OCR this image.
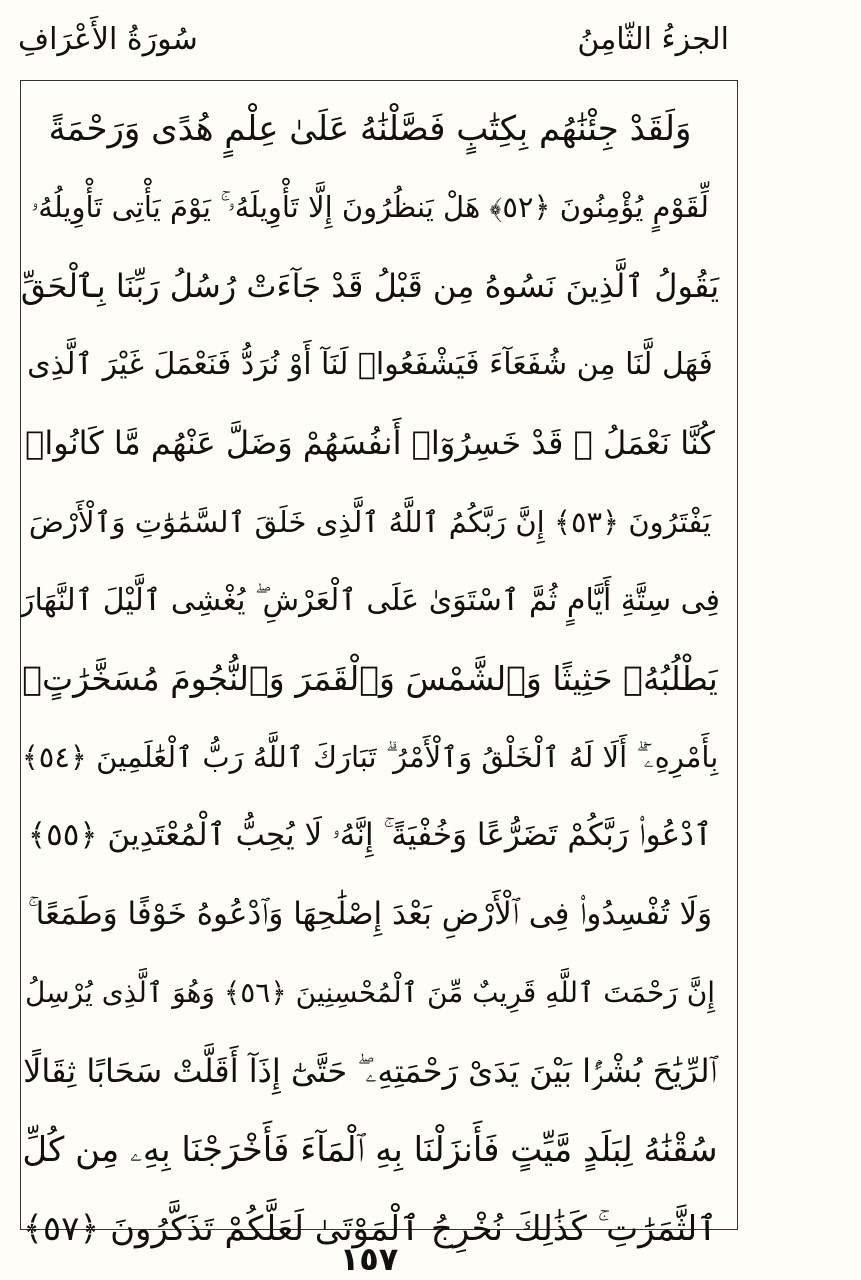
الجزءُ الثّامِنُ
سُورَةُ الأَعْرَافِ
وَلَقَدْ جِئْنَٰهُم بِكِتَٰبٍ فَصَّلْنَٰهُ عَلَىٰ عِلْمٍ هُدًى وَرَحْمَةً
لِّقَوْمٍ يُؤْمِنُونَ ﴿٥٢﴾ هَلْ يَنظُرُونَ إِلَّا تَأْوِيلَهُۥ ۚ يَوْمَ يَأْتِى تَأْوِيلُهُۥ
يَقُولُ ٱلَّذِينَ نَسُوهُ مِن قَبْلُ قَدْ جَآءَتْ رُسُلُ رَبِّنَا بِٱلْحَقِّ
فَهَل لَّنَا مِن شُفَعَآءَ فَيَشْفَعُوا۟ لَنَآ أَوْ نُرَدُّ فَنَعْمَلَ غَيْرَ ٱلَّذِى
كُنَّا نَعْمَلُ ۚ قَدْ خَسِرُوٓا۟ أَنفُسَهُمْ وَضَلَّ عَنْهُم مَّا كَانُوا۟
يَفْتَرُونَ ﴿٥٣﴾ إِنَّ رَبَّكُمُ ٱللَّهُ ٱلَّذِى خَلَقَ ٱلسَّمَٰوَٰتِ وَٱلْأَرْضَ
فِى سِتَّةِ أَيَّامٍ ثُمَّ ٱسْتَوَىٰ عَلَى ٱلْعَرْشِ ۖ يُغْشِى ٱلَّيْلَ ٱلنَّهَارَ
يَطْلُبُهُۥ حَثِيثًا وَٱلشَّمْسَ وَٱلْقَمَرَ وَٱلنُّجُومَ مُسَخَّرَٰتٍۭ
بِأَمْرِهِۦٓ ۗ أَلَا لَهُ ٱلْخَلْقُ وَٱلْأَمْرُ ۗ تَبَارَكَ ٱللَّهُ رَبُّ ٱلْعَٰلَمِينَ ﴿٥٤﴾
ٱدْعُوا۟ رَبَّكُمْ تَضَرُّعًا وَخُفْيَةً ۚ إِنَّهُۥ لَا يُحِبُّ ٱلْمُعْتَدِينَ ﴿٥٥﴾
وَلَا تُفْسِدُوا۟ فِى ٱلْأَرْضِ بَعْدَ إِصْلَٰحِهَا وَٱدْعُوهُ خَوْفًا وَطَمَعًا ۚ
إِنَّ رَحْمَتَ ٱللَّهِ قَرِيبٌ مِّنَ ٱلْمُحْسِنِينَ ﴿٥٦﴾ وَهُوَ ٱلَّذِى يُرْسِلُ
ٱلرِّيَٰحَ بُشْرًۢا بَيْنَ يَدَىْ رَحْمَتِهِۦ ۖ حَتَّىٰٓ إِذَآ أَقَلَّتْ سَحَابًا ثِقَالًا
سُقْنَٰهُ لِبَلَدٍ مَّيِّتٍ فَأَنزَلْنَا بِهِ ٱلْمَآءَ فَأَخْرَجْنَا بِهِۦ مِن كُلِّ
ٱلثَّمَرَٰتِ ۚ كَذَٰلِكَ نُخْرِجُ ٱلْمَوْتَىٰ لَعَلَّكُمْ تَذَكَّرُونَ ﴿٥٧﴾
١٥٧
